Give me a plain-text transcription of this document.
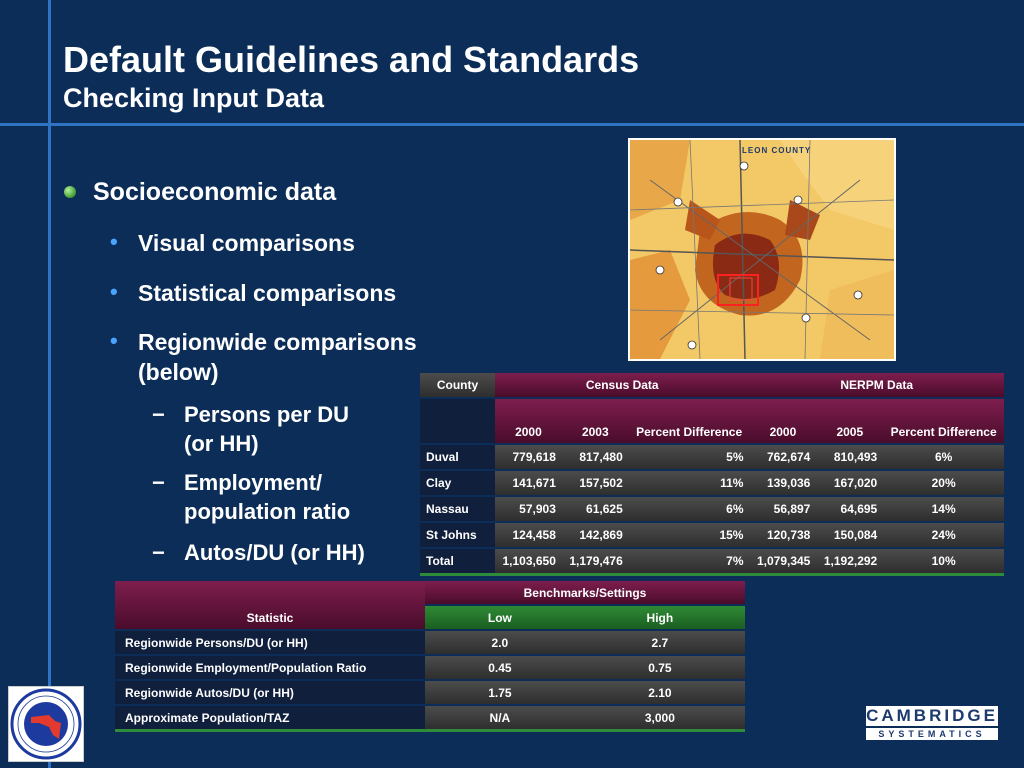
Default Guidelines and Standards
Checking Input Data
Socioeconomic data
• Visual comparisons
• Statistical comparisons
• Regionwide comparisons (below)
− Persons per DU (or HH)
− Employment/ population ratio
− Autos/DU (or HH)
LEON COUNTY
County	Census Data			NERPM Data		
	2000	2003	Percent Difference	2000	2005	Percent Difference
Duval	779,618	817,480	5%	762,674	810,493	6%
Clay	141,671	157,502	11%	139,036	167,020	20%
Nassau	57,903	61,625	6%	56,897	64,695	14%
St Johns	124,458	142,869	15%	120,738	150,084	24%
Total	1,103,650	1,179,476	7%	1,079,345	1,192,292	10%
Statistic	Benchmarks/Settings	
	Low	High
Regionwide Persons/DU (or HH)	2.0	2.7
Regionwide Employment/Population Ratio	0.45	0.75
Regionwide Autos/DU (or HH)	1.75	2.10
Approximate Population/TAZ	N/A	3,000	CAMBRIDGE
SYSTEMATICS
